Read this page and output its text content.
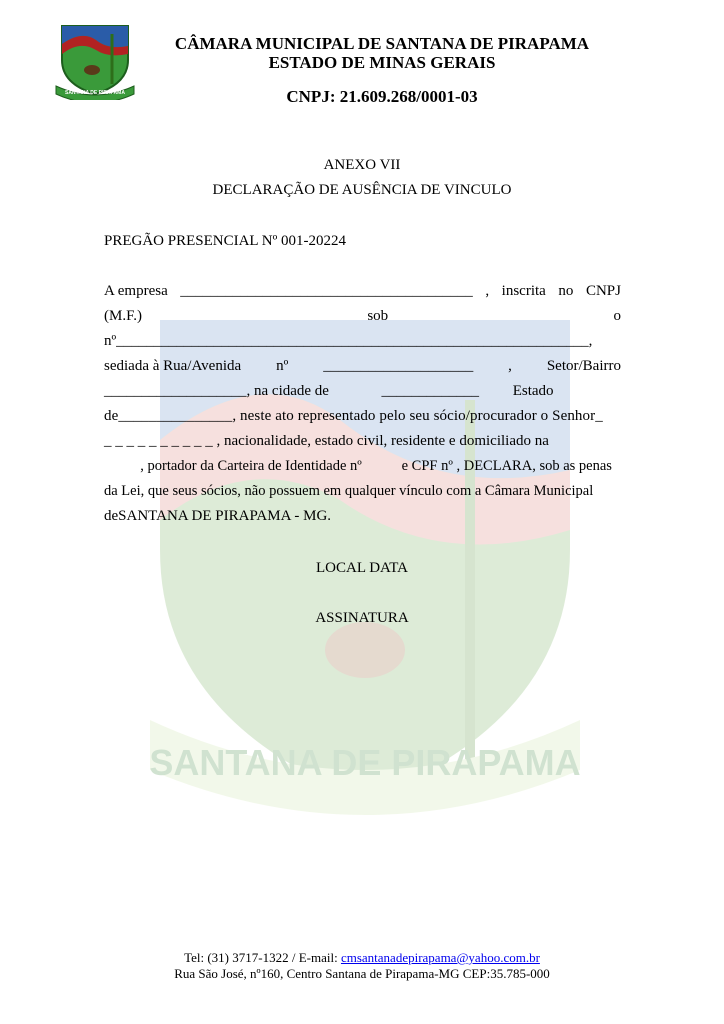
SANTANA DE PIRAPAMA
SANTANA DE PIRAPAMA
CÂMARA MUNICIPAL DE SANTANA DE PIRAPAMA
ESTADO DE MINAS GERAIS
CNPJ: 21.609.268/0001-03
ANEXO VII
DECLARAÇÃO DE AUSÊNCIA DE VINCULO
PREGÃO PRESENCIAL Nº 001-20224
A empresa _______________________________________ , inscrita no CNPJ
(M.F.)	sob	o
nº_______________________________________________________________,
sediada à Rua/Avenida nº ____________________ , Setor/Bairro
___________________, na cidade de              _____________         Estado
de_______________, neste ato representado pelo seu sócio/procurador o Senhor_
_ _ _ _ _ _ _ _ _ _ , nacionalidade, estado civil, residente e domiciliado na
, portador da Carteira de Identidade nº           e CPF nº , DECLARA, sob as penas
da Lei, que seus sócios, não possuem em qualquer vínculo com a Câmara Municipal
deSANTANA DE PIRAPAMA - MG.
LOCAL DATA
ASSINATURA
Tel: (31) 3717-1322 / E-mail: cmsantanadepirapama@yahoo.com.br
Rua São José, nº160, Centro Santana de Pirapama-MG CEP:35.785-000
